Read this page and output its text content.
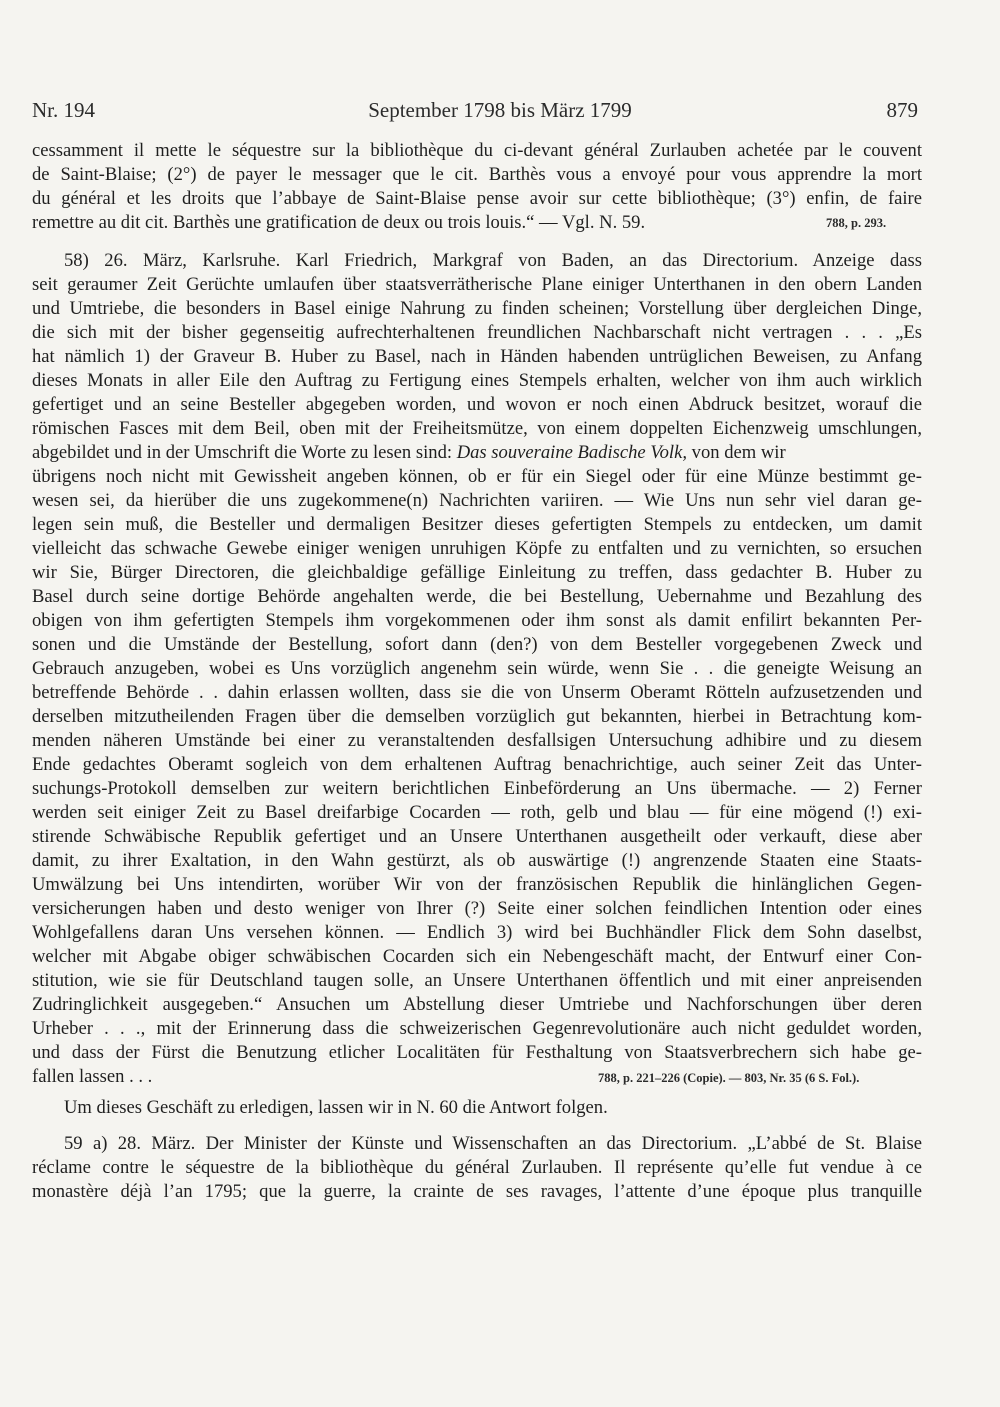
Nr. 194	September 1798 bis März 1799	879
cessamment il mette le séquestre sur la bibliothèque du ci-devant général Zurlauben achetée par le couvent
de Saint-Blaise; (2°) de payer le messager que le cit. Barthès vous a envoyé pour vous apprendre la mort
du général et les droits que l’abbaye de Saint-Blaise pense avoir sur cette bibliothèque; (3°) enfin, de faire
remettre au dit cit. Barthès une gratification de deux ou trois louis.“ — Vgl. N. 59.	788, p. 293.
58) 26. März, Karlsruhe. Karl Friedrich, Markgraf von Baden, an das Directorium. Anzeige dass
seit geraumer Zeit Gerüchte umlaufen über staatsverrätherische Plane einiger Unterthanen in den obern Landen
und Umtriebe, die besonders in Basel einige Nahrung zu finden scheinen; Vorstellung über dergleichen Dinge,
die sich mit der bisher gegenseitig aufrechterhaltenen freundlichen Nachbarschaft nicht vertragen . . . „Es
hat nämlich 1) der Graveur B. Huber zu Basel, nach in Händen habenden untrüglichen Beweisen, zu Anfang
dieses Monats in aller Eile den Auftrag zu Fertigung eines Stempels erhalten, welcher von ihm auch wirklich
gefertiget und an seine Besteller abgegeben worden, und wovon er noch einen Abdruck besitzet, worauf die
römischen Fasces mit dem Beil, oben mit der Freiheitsmütze, von einem doppelten Eichenzweig umschlungen,
abgebildet und in der Umschrift die Worte zu lesen sind: Das souveraine Badische Volk, von dem wir
übrigens noch nicht mit Gewissheit angeben können, ob er für ein Siegel oder für eine Münze bestimmt ge-
wesen sei, da hierüber die uns zugekommene(n) Nachrichten variiren. — Wie Uns nun sehr viel daran ge-
legen sein muß, die Besteller und dermaligen Besitzer dieses gefertigten Stempels zu entdecken, um damit
vielleicht das schwache Gewebe einiger wenigen unruhigen Köpfe zu entfalten und zu vernichten, so ersuchen
wir Sie, Bürger Directoren, die gleichbaldige gefällige Einleitung zu treffen, dass gedachter B. Huber zu
Basel durch seine dortige Behörde angehalten werde, die bei Bestellung, Uebernahme und Bezahlung des
obigen von ihm gefertigten Stempels ihm vorgekommenen oder ihm sonst als damit enfilirt bekannten Per-
sonen und die Umstände der Bestellung, sofort dann (den?) von dem Besteller vorgegebenen Zweck und
Gebrauch anzugeben, wobei es Uns vorzüglich angenehm sein würde, wenn Sie . . die geneigte Weisung an
betreffende Behörde . . dahin erlassen wollten, dass sie die von Unserm Oberamt Rötteln aufzusetzenden und
derselben mitzutheilenden Fragen über die demselben vorzüglich gut bekannten, hierbei in Betrachtung kom-
menden näheren Umstände bei einer zu veranstaltenden desfallsigen Untersuchung adhibire und zu diesem
Ende gedachtes Oberamt sogleich von dem erhaltenen Auftrag benachrichtige, auch seiner Zeit das Unter-
suchungs-Protokoll demselben zur weitern berichtlichen Einbeförderung an Uns übermache. — 2) Ferner
werden seit einiger Zeit zu Basel dreifarbige Cocarden — roth, gelb und blau — für eine mögend (!) exi-
stirende Schwäbische Republik gefertiget und an Unsere Unterthanen ausgetheilt oder verkauft, diese aber
damit, zu ihrer Exaltation, in den Wahn gestürzt, als ob auswärtige (!) angrenzende Staaten eine Staats-
Umwälzung bei Uns intendirten, worüber Wir von der französischen Republik die hinlänglichen Gegen-
versicherungen haben und desto weniger von Ihrer (?) Seite einer solchen feindlichen Intention oder eines
Wohlgefallens daran Uns versehen können. — Endlich 3) wird bei Buchhändler Flick dem Sohn daselbst,
welcher mit Abgabe obiger schwäbischen Cocarden sich ein Nebengeschäft macht, der Entwurf einer Con-
stitution, wie sie für Deutschland taugen solle, an Unsere Unterthanen öffentlich und mit einer anpreisenden
Zudringlichkeit ausgegeben.“ Ansuchen um Abstellung dieser Umtriebe und Nachforschungen über deren
Urheber . . ., mit der Erinnerung dass die schweizerischen Gegenrevolutionäre auch nicht geduldet worden,
und dass der Fürst die Benutzung etlicher Localitäten für Festhaltung von Staatsverbrechern sich habe ge-
fallen lassen . . .	788, p. 221–226 (Copie). — 803, Nr. 35 (6 S. Fol.).
Um dieses Geschäft zu erledigen, lassen wir in N. 60 die Antwort folgen.
59 a) 28. März. Der Minister der Künste und Wissenschaften an das Directorium. „L’abbé de St. Blaise
réclame contre le séquestre de la bibliothèque du général Zurlauben. Il représente qu’elle fut vendue à ce
monastère déjà l’an 1795; que la guerre, la crainte de ses ravages, l’attente d’une époque plus tranquille
